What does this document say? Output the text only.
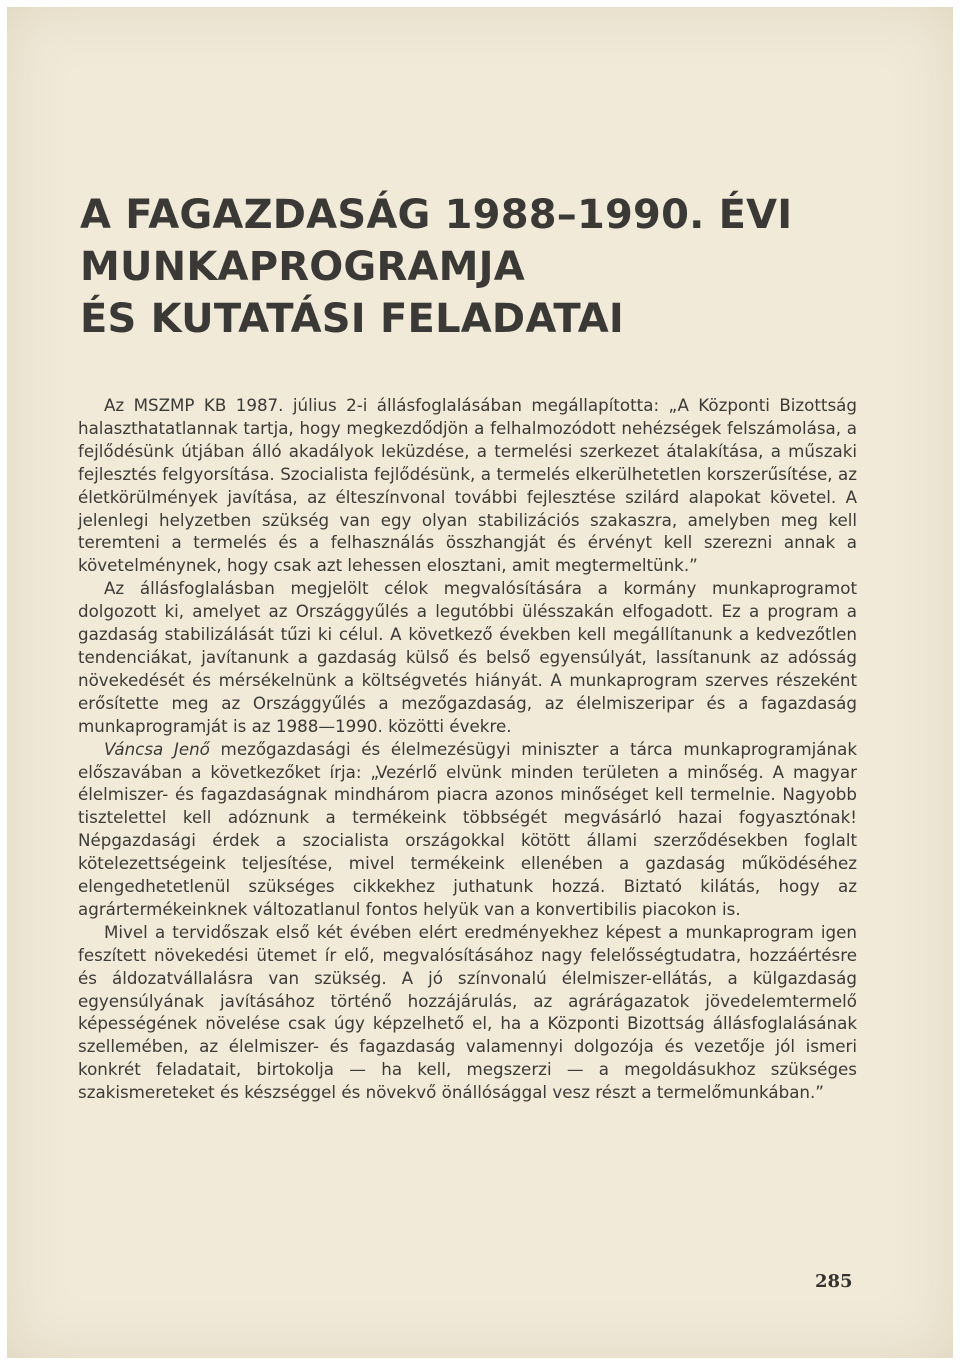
A FAGAZDASÁG 1988–1990. ÉVI
MUNKAPROGRAMJA
ÉS KUTATÁSI FELADATAI

Az MSZMP KB 1987. július 2-i állásfoglalásában megállapította: „A Központi Bizottság halaszthatatlannak tartja, hogy megkezdődjön a felhalmozódott nehézségek felszámolása, a fejlődésünk útjában álló akadályok leküzdése, a termelési szerkezet átalakítása, a műszaki fejlesztés felgyorsítása. Szocialista fejlődésünk, a termelés elkerülhetetlen korszerűsítése, az életkörülmények javítása, az élteszínvonal további fejlesztése szilárd alapokat követel. A jelenlegi helyzetben szükség van egy olyan stabilizációs szakaszra, amelyben meg kell teremteni a termelés és a felhasználás összhangját és érvényt kell szerezni annak a követelménynek, hogy csak azt lehessen elosztani, amit megtermeltünk.”

Az állásfoglalásban megjelölt célok megvalósítására a kormány munkaprogramot dolgozott ki, amelyet az Országgyűlés a legutóbbi ülésszakán elfogadott. Ez a program a gazdaság stabilizálását tűzi ki célul. A következő években kell megállítanunk a kedvezőtlen tendenciákat, javítanunk a gazdaság külső és belső egyensúlyát, lassítanunk az adósság növekedését és mérsékelnünk a költségvetés hiányát. A munkaprogram szerves részeként erősítette meg az Országgyűlés a mezőgazdaság, az élelmiszeripar és a fagazdaság munkaprogramját is az 1988—1990. közötti évekre.

Váncsa Jenő mezőgazdasági és élelmezésügyi miniszter a tárca munkaprogramjának előszavában a következőket írja: „Vezérlő elvünk minden területen a minőség. A magyar élelmiszer- és fagazdaságnak mindhárom piacra azonos minőséget kell termelnie. Nagyobb tisztelettel kell adóznunk a termékeink többségét megvásárló hazai fogyasztónak! Népgazdasági érdek a szocialista országokkal kötött állami szerződésekben foglalt kötelezettségeink teljesítése, mivel termékeink ellenében a gazdaság működéséhez elengedhetetlenül szükséges cikkekhez juthatunk hozzá. Biztató kilátás, hogy az agrártermékeinknek változatlanul fontos helyük van a konvertibilis piacokon is.

Mivel a tervidőszak első két évében elért eredményekhez képest a munkaprogram igen feszített növekedési ütemet ír elő, megvalósításához nagy felelősségtudatra, hozzáértésre és áldozatvállalásra van szükség. A jó színvonalú élelmiszer-ellátás, a külgazdaság egyensúlyának javításához történő hozzájárulás, az agrárágazatok jövedelemtermelő képességének növelése csak úgy képzelhető el, ha a Központi Bizottság állásfoglalásának szellemében, az élelmiszer- és fagazdaság valamennyi dolgozója és vezetője jól ismeri konkrét feladatait, birtokolja — ha kell, megszerzi — a megoldásukhoz szükséges szakismereteket és készséggel és növekvő önállósággal vesz részt a termelőmunkában.”

285
